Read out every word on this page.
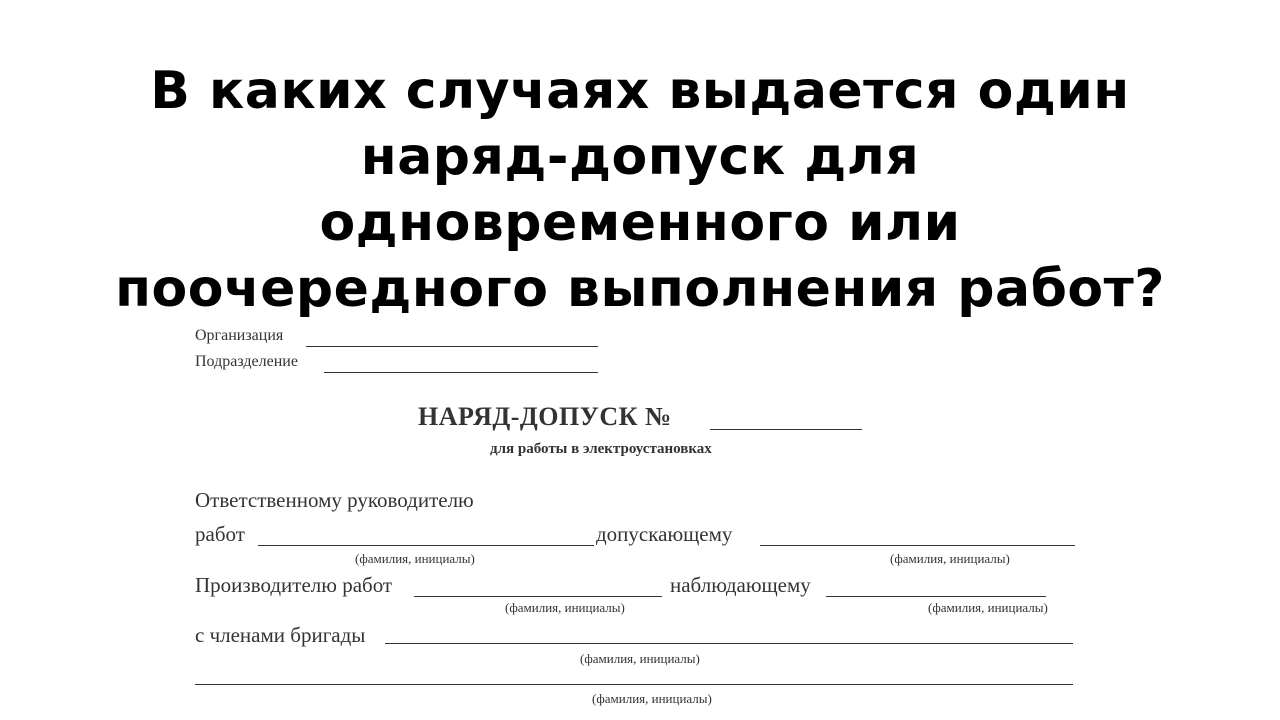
Организация
Подразделение
НАРЯД-ДОПУСК №
для работы в электроустановках
Ответственному руководителю
работ	допускающему
(фамилия, инициалы)	(фамилия, инициалы)
Производителю работ	наблюдающему
(фамилия, инициалы)	(фамилия, инициалы)
с членами бригады
(фамилия, инициалы)
(фамилия, инициалы)
В каких случаях выдается один
наряд-допуск для
одновременного или
поочередного выполнения работ?
